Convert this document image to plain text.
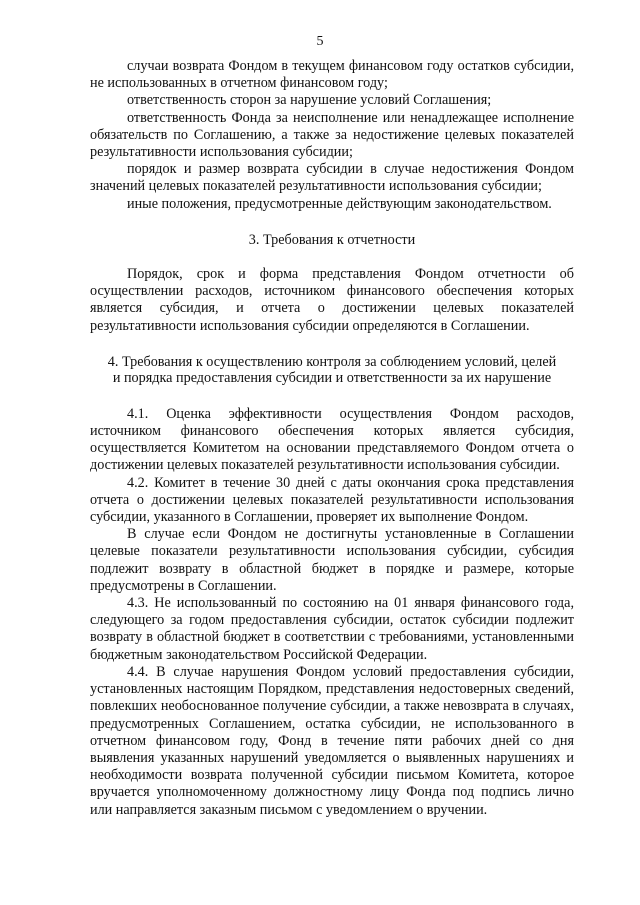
5

случаи возврата Фондом в текущем финансовом году остатков субсидии, не использованных в отчетном финансовом году;

ответственность сторон за нарушение условий Соглашения;

ответственность Фонда за неисполнение или ненадлежащее исполнение обязательств по Соглашению, а также за недостижение целевых показателей результативности использования субсидии;

порядок и размер возврата субсидии в случае недостижения Фондом значений целевых показателей результативности использования субсидии;

иные положения, предусмотренные действующим законодательством.

3. Требования к отчетности

Порядок, срок и форма представления Фондом отчетности об осуществлении расходов, источником финансового обеспечения которых является субсидия, и отчета о достижении целевых показателей результативности использования субсидии определяются в Соглашении.

4. Требования к осуществлению контроля за соблюдением условий, целей
и порядка предоставления субсидии и ответственности за их нарушение

4.1. Оценка эффективности осуществления Фондом расходов, источником финансового обеспечения которых является субсидия, осуществляется Комитетом на основании представляемого Фондом отчета о достижении целевых показателей результативности использования субсидии.

4.2. Комитет в течение 30 дней с даты окончания срока представления отчета о достижении целевых показателей результативности использования субсидии, указанного в Соглашении, проверяет их выполнение Фондом.

В случае если Фондом не достигнуты установленные в Соглашении целевые показатели результативности использования субсидии, субсидия подлежит возврату в областной бюджет в порядке и размере, которые предусмотрены в Соглашении.

4.3. Не использованный по состоянию на 01 января финансового года, следующего за годом предоставления субсидии, остаток субсидии подлежит возврату в областной бюджет в соответствии с требованиями, установленными бюджетным законодательством Российской Федерации.

4.4. В случае нарушения Фондом условий предоставления субсидии, установленных настоящим Порядком, представления недостоверных сведений, повлекших необоснованное получение субсидии, а также невозврата в случаях, предусмотренных Соглашением, остатка субсидии, не использованного в отчетном финансовом году, Фонд в течение пяти рабочих дней со дня выявления указанных нарушений уведомляется о выявленных нарушениях и необходимости возврата полученной субсидии письмом Комитета, которое вручается уполномоченному должностному лицу Фонда под подпись лично или направляется заказным письмом с уведомлением о вручении.
